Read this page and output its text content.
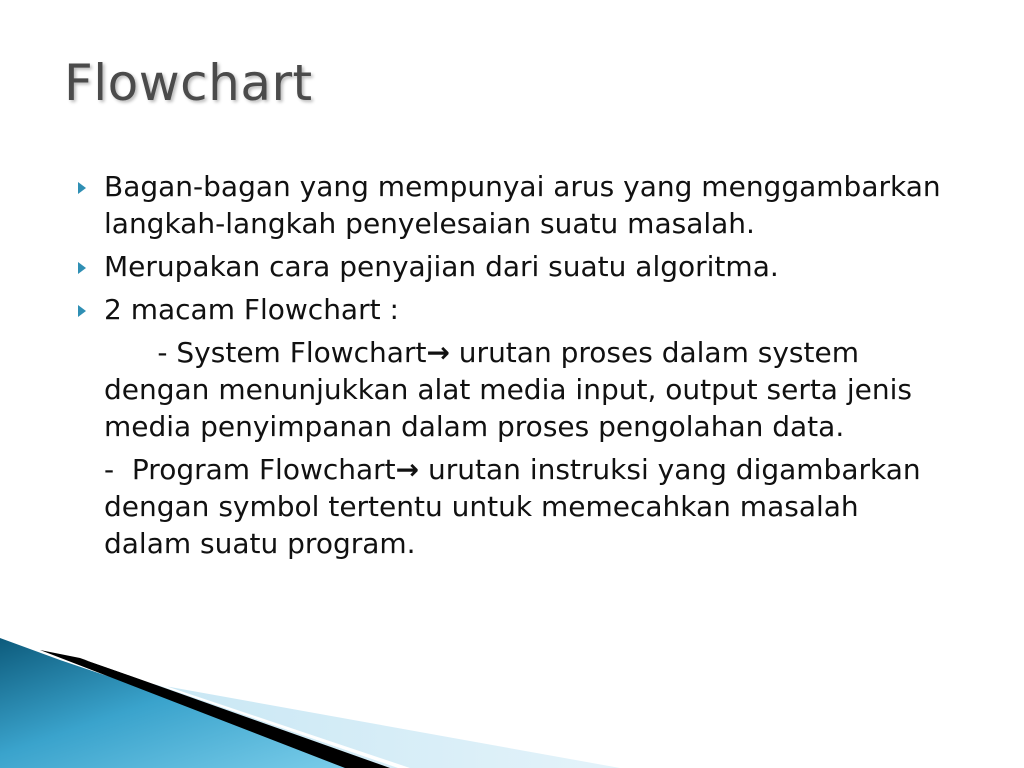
Flowchart
Bagan-bagan yang mempunyai arus yang menggambarkan langkah-langkah penyelesaian suatu masalah.
Merupakan cara penyajian dari suatu algoritma.
2 macam Flowchart :
- System Flowchart→ urutan proses dalam system dengan menunjukkan alat media input, output serta jenis media penyimpanan dalam proses pengolahan data.
-  Program Flowchart→ urutan instruksi yang digambarkan dengan symbol tertentu untuk memecahkan masalah dalam suatu program.
